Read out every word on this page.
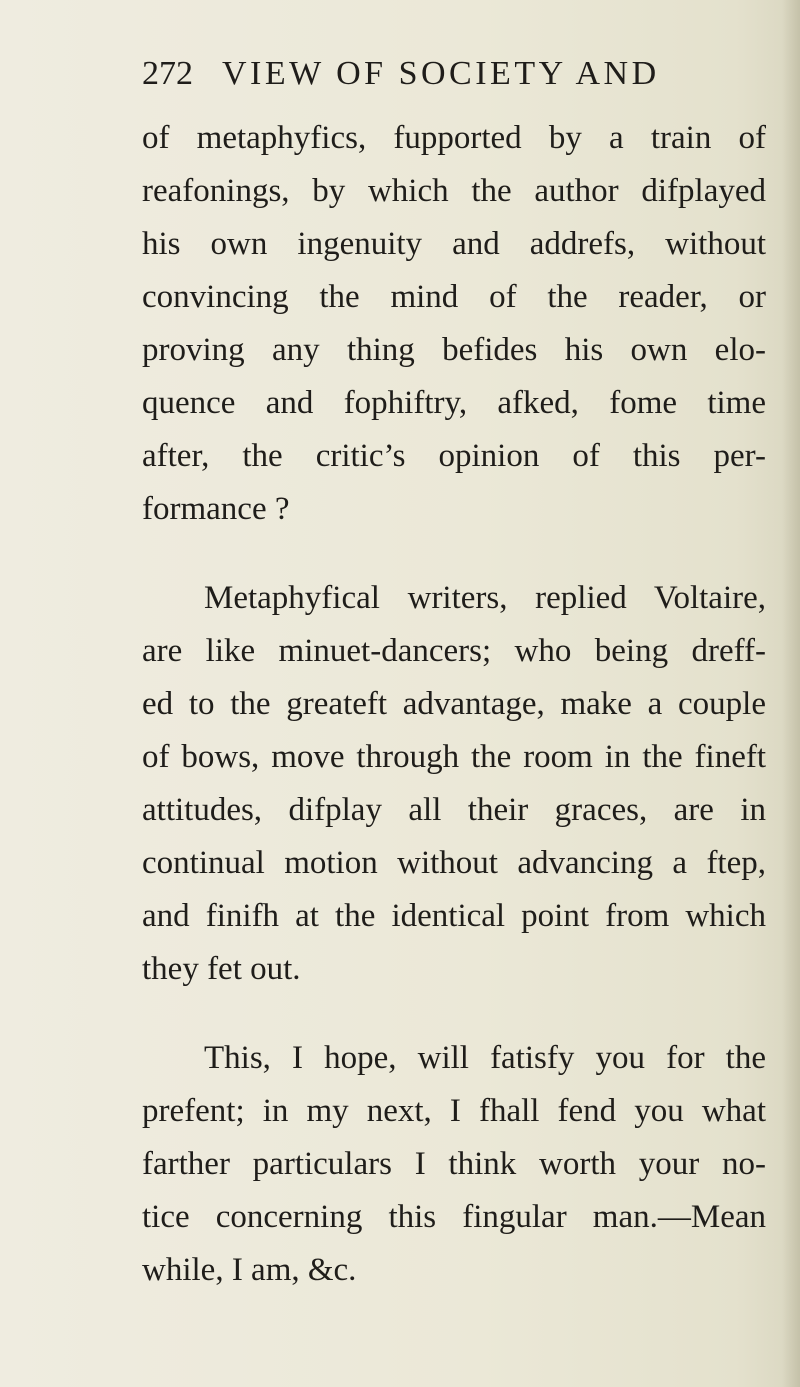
272 VIEW OF SOCIETY AND
of metaphyfics, fupported by a train of
reafonings, by which the author difplayed
his own ingenuity and addrefs, without
convincing the mind of the reader, or
proving any thing befides his own elo-
quence and fophiftry, afked, fome time
after, the critic’s opinion of this per-
formance ?
Metaphyfical writers, replied Voltaire,
are like minuet-dancers; who being dreff-
ed to the greateft advantage, make a couple
of bows, move through the room in the fineft
attitudes, difplay all their graces, are in
continual motion without advancing a ftep,
and finifh at the identical point from which
they fet out.
This, I hope, will fatisfy you for the
prefent; in my next, I fhall fend you what
farther particulars I think worth your no-
tice concerning this fingular man.—Mean
while, I am, &c.
